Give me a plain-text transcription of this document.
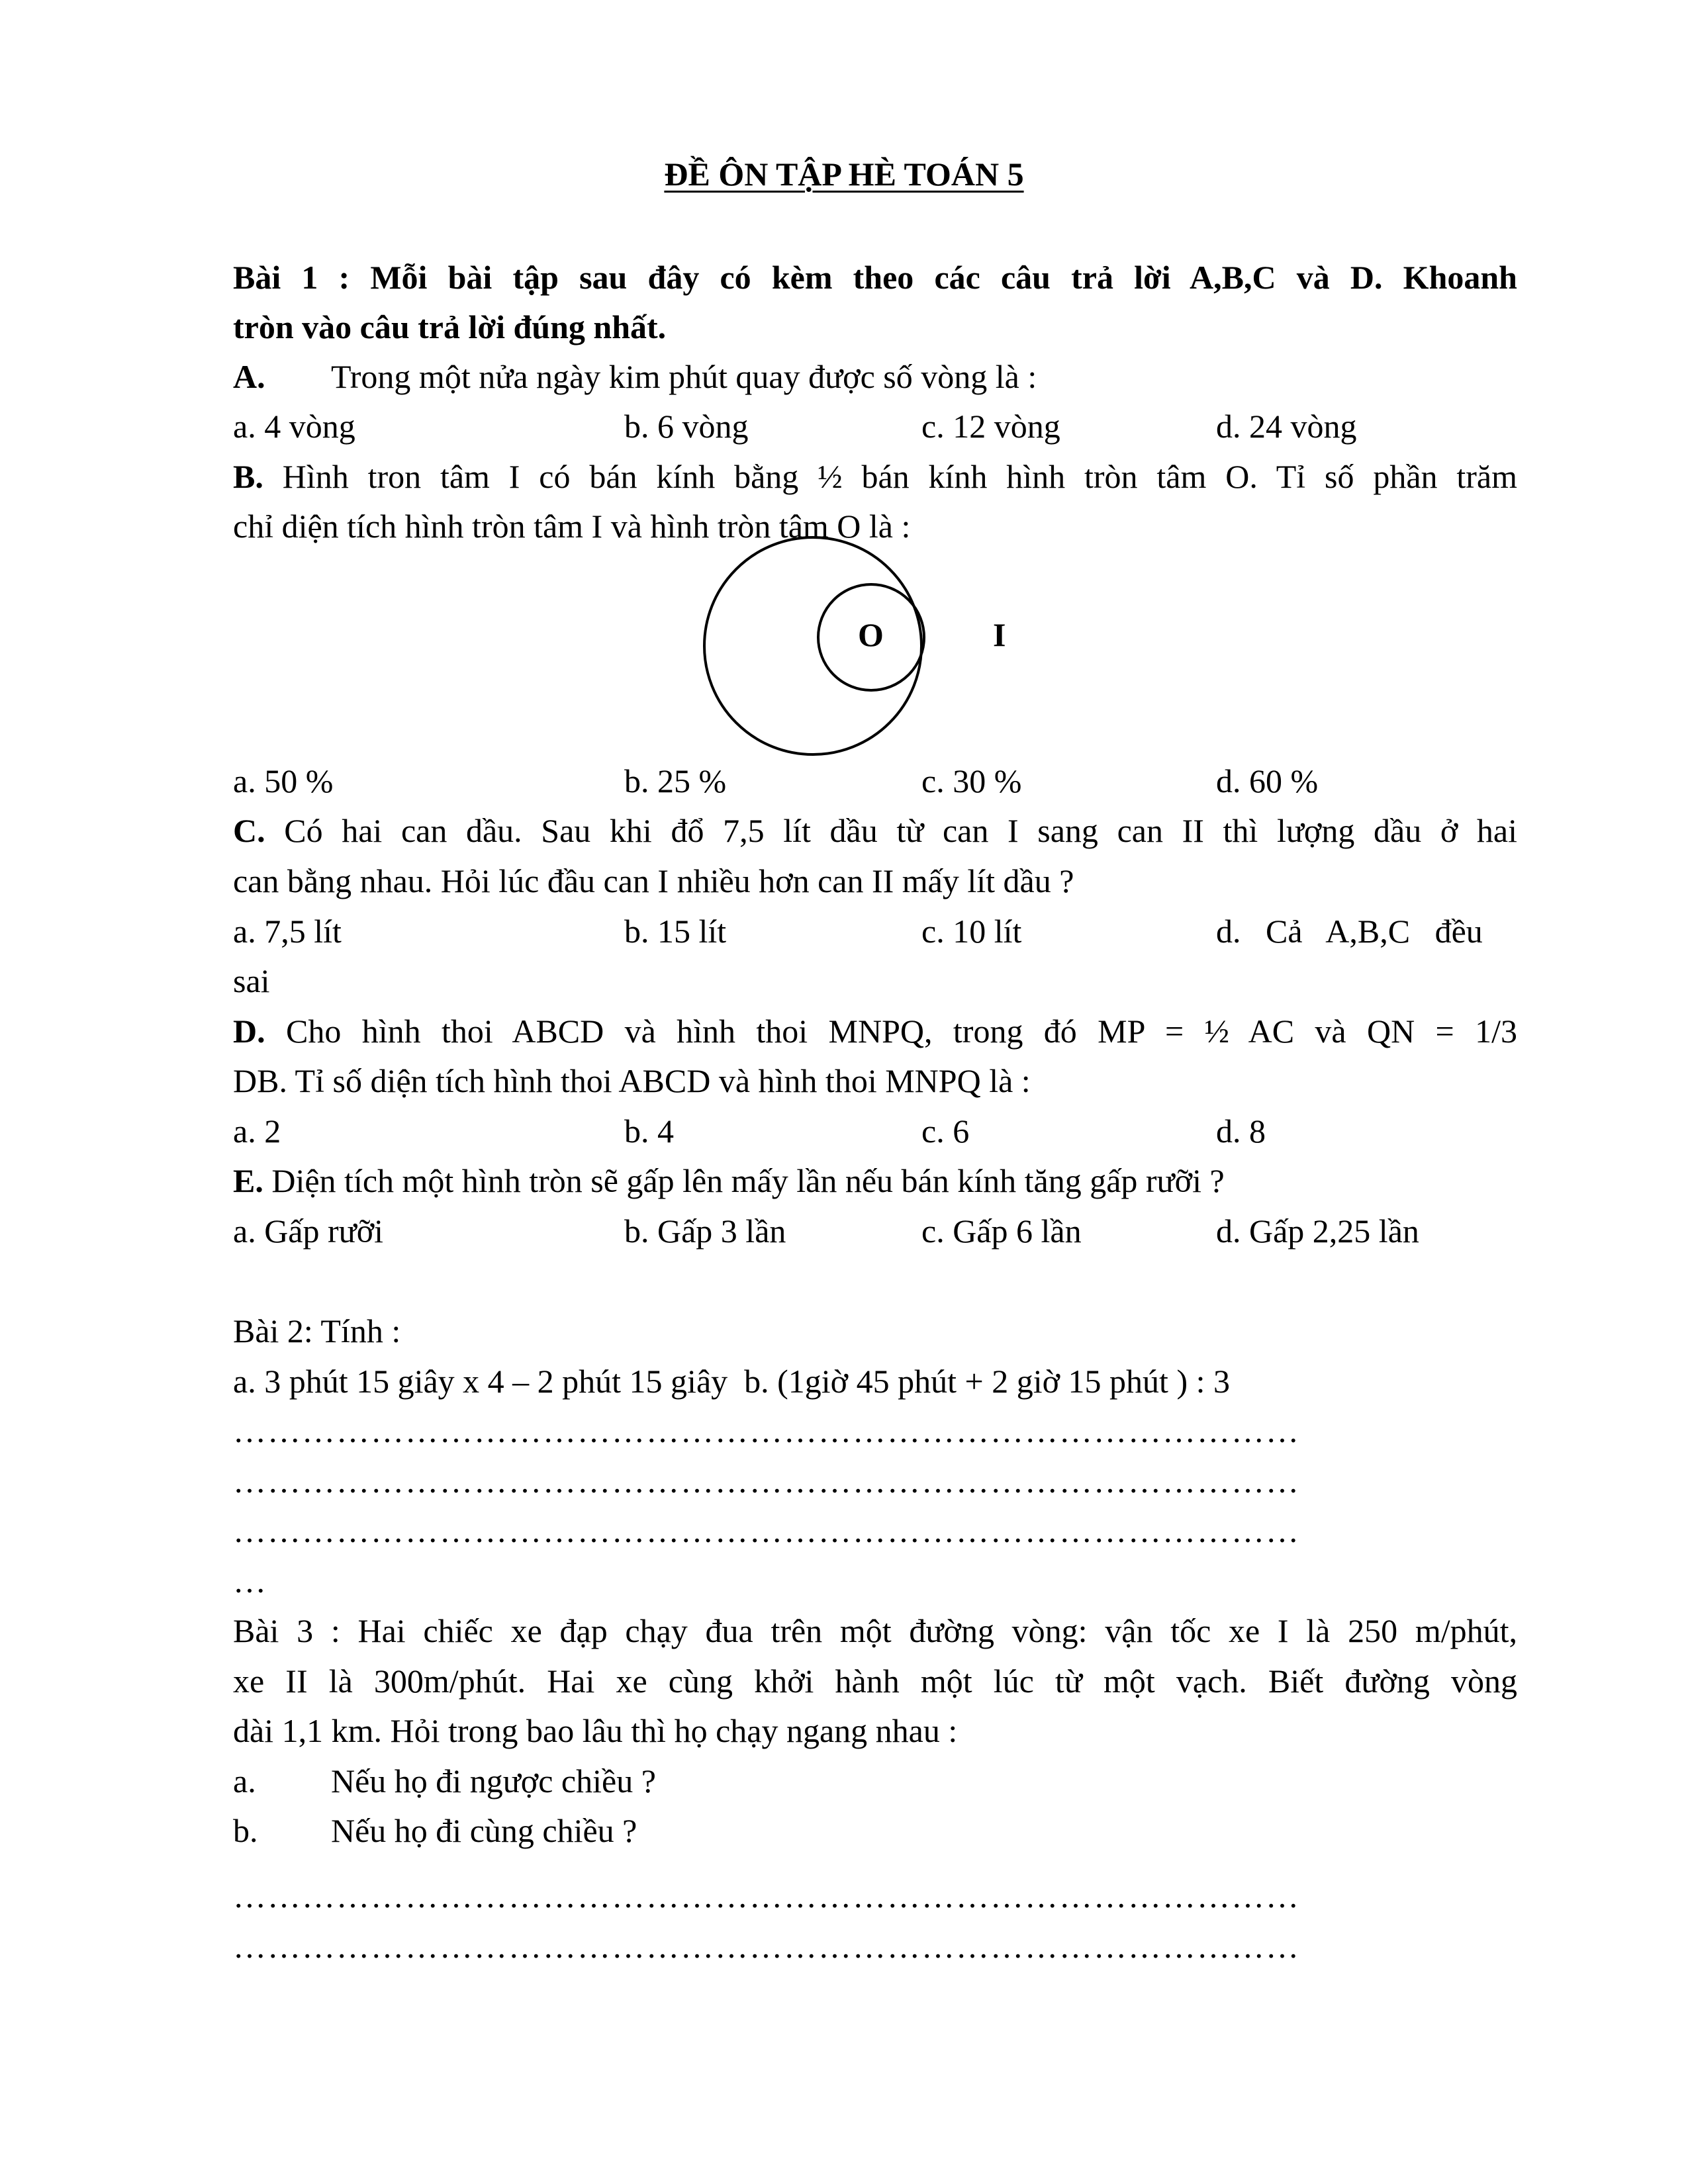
ĐỀ ÔN TẬP HÈ TOÁN 5
Bài 1 : Mỗi bài tập sau đây có kèm theo các câu trả lời A,B,C và D. Khoanh
tròn vào câu trả lời đúng nhất.
A. Trong một nửa ngày kim phút quay được số vòng là :
a. 4 vòng	b. 6 vòng	c. 12 vòng	d. 24 vòng
B. Hình tron tâm I có bán kính bằng ½ bán kính hình tròn tâm O. Tỉ số phần trăm
chỉ diện tích hình tròn tâm I và hình tròn tâm O là :
O	I
a. 50 %	b. 25 %	c. 30 %	d. 60 %
C. Có hai can dầu. Sau khi đổ 7,5 lít dầu từ can I sang can II thì lượng dầu ở hai
can bằng nhau. Hỏi lúc đầu can I nhiều hơn can II mấy lít dầu ?
a. 7,5 lít	b. 15 lít	c. 10 lít	d.   Cả   A,B,C   đều
sai
D. Cho hình thoi ABCD và hình thoi MNPQ, trong đó MP = ½ AC và QN = 1/3
DB. Tỉ số diện tích hình thoi ABCD và hình thoi MNPQ là :
a. 2	b. 4	c. 6	d. 8
E. Diện tích một hình tròn sẽ gấp lên mấy lần nếu bán kính tăng gấp rưỡi ?
a. Gấp rưỡi	b. Gấp 3 lần	c. Gấp 6 lần	d. Gấp 2,25 lần
Bài 2: Tính :
a. 3 phút 15 giây x 4 – 2 phút 15 giây  b. (1giờ 45 phút + 2 giờ 15 phút ) : 3
…………………………………………………………………………………
…………………………………………………………………………………
…………………………………………………………………………………
…
Bài 3 : Hai chiếc xe đạp chạy đua trên một đường vòng: vận tốc xe I là 250 m/phút,
xe II là 300m/phút. Hai xe cùng khởi hành một lúc từ một vạch. Biết đường vòng
dài 1,1 km. Hỏi trong bao lâu thì họ chạy ngang nhau :
a. Nếu họ đi ngược chiều ?
b. Nếu họ đi cùng chiều ?
…………………………………………………………………………………
…………………………………………………………………………………
